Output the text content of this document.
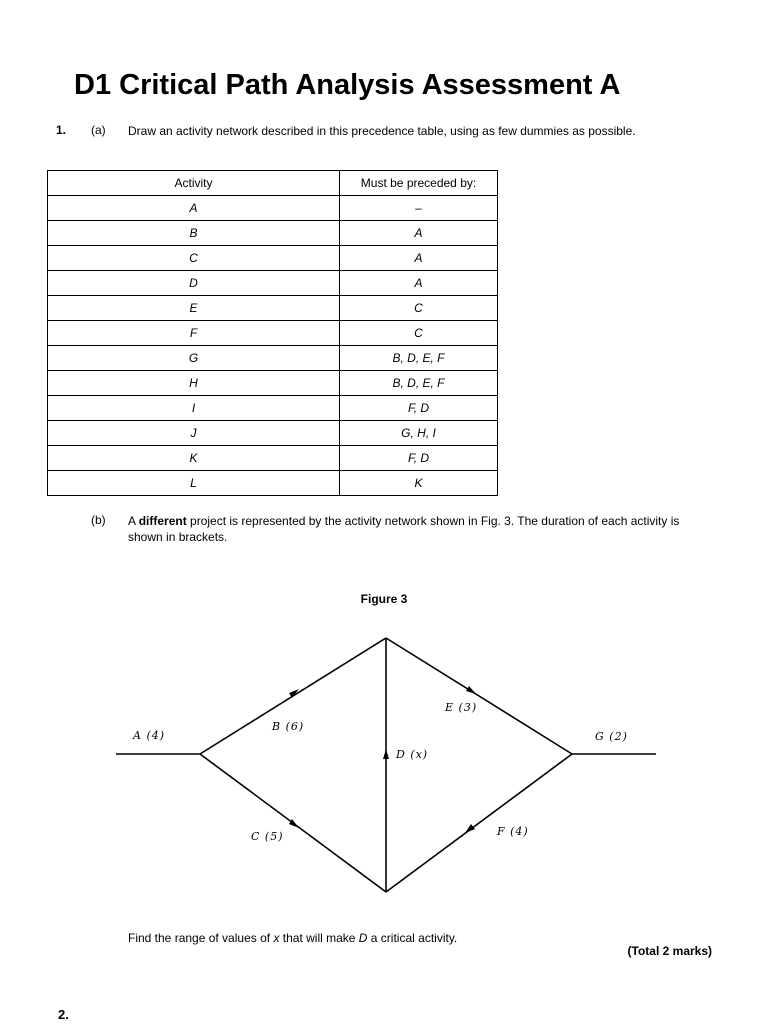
D1 Critical Path Analysis Assessment A
1. (a) Draw an activity network described in this precedence table, using as few dummies as possible.
Activity	Must be preceded by:
A	–
B	A
C	A
D	A
E	C
F	C
G	B, D, E, F
H	B, D, E, F
I	F, D
J	G, H, I
K	F, D
L	K
(b) A different project is represented by the activity network shown in Fig. 3. The duration of each activity is shown in brackets.
Figure 3
A (4)
B (6)
C (5)
D (x)
E (3)
F (4)
G (2)
Find the range of values of x that will make D a critical activity.
(Total 2 marks)
2.
